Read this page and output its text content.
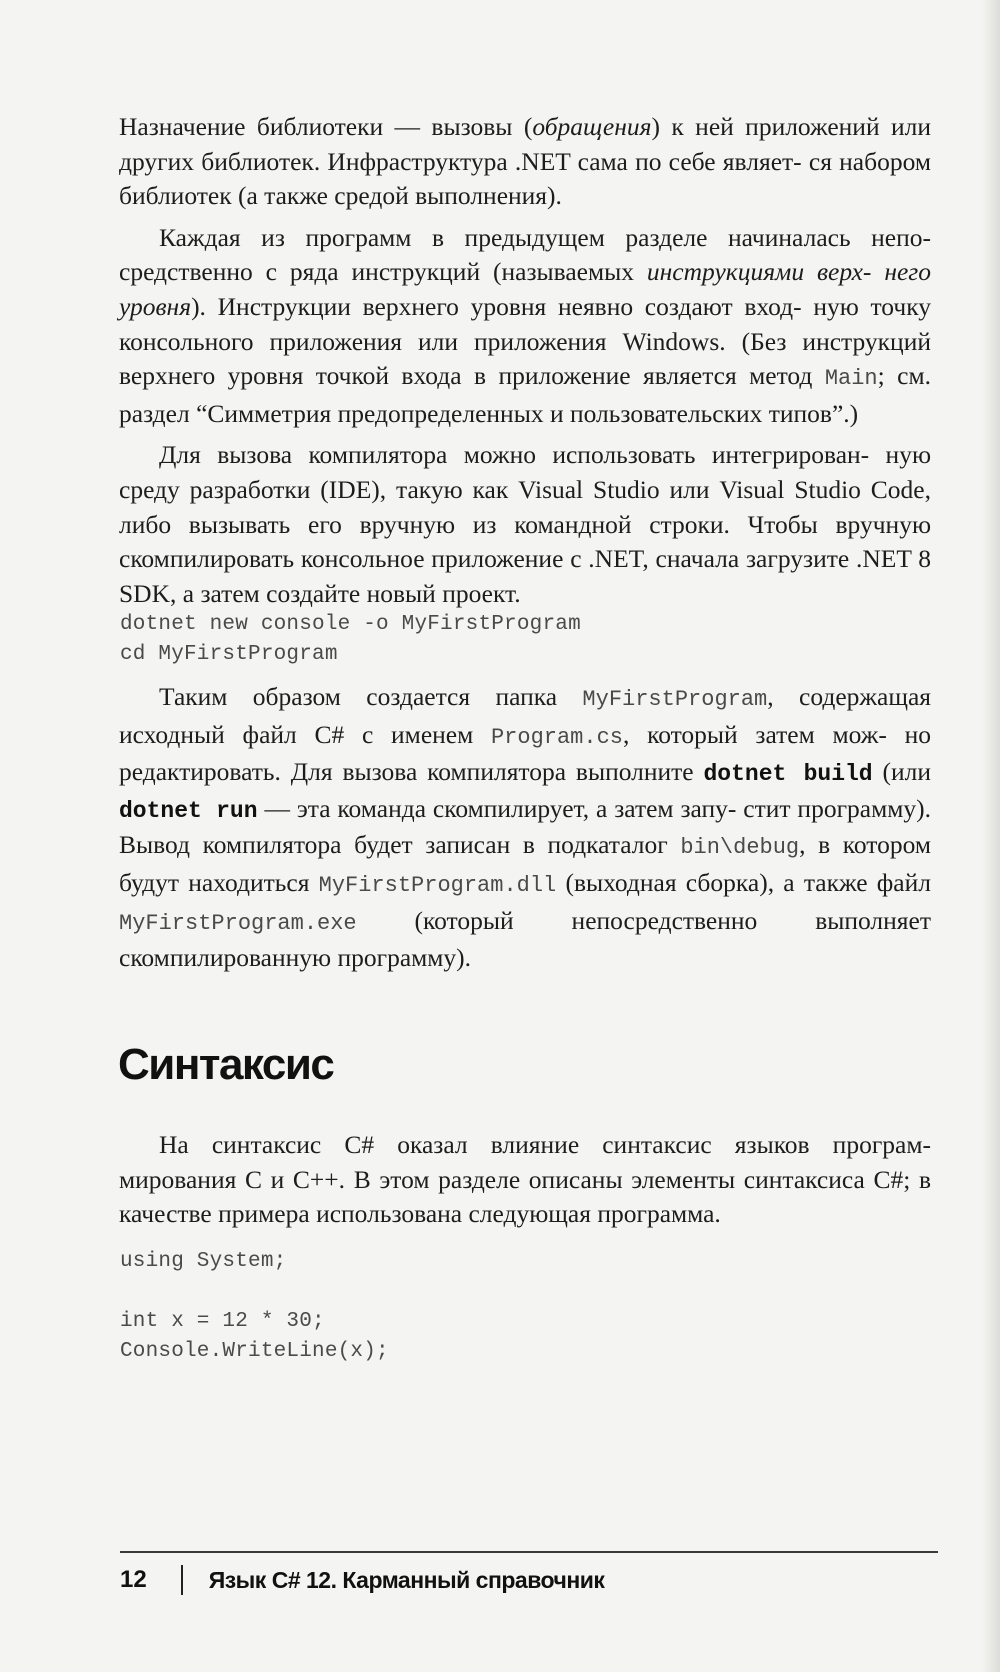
Назначение библиотеки — вызовы (обращения) к ней приложений или других библиотек. Инфраструктура .NET сама по себе являет- ся набором библиотек (а также средой выполнения).

Каждая из программ в предыдущем разделе начиналась непо- средственно с ряда инструкций (называемых инструкциями верх- него уровня). Инструкции верхнего уровня неявно создают вход- ную точку консольного приложения или приложения Windows. (Без инструкций верхнего уровня точкой входа в приложение является метод Main; см. раздел “Симметрия предопределенных и пользовательских типов”.)

Для вызова компилятора можно использовать интегрирован- ную среду разработки (IDE), такую как Visual Studio или Visual Studio Code, либо вызывать его вручную из командной строки. Чтобы вручную скомпилировать консольное приложение с .NET, сначала загрузите .NET 8 SDK, а затем создайте новый проект.

dotnet new console -o MyFirstProgram
cd MyFirstProgram

Таким образом создается папка MyFirstProgram, содержащая исходный файл C# с именем Program.cs, который затем мож- но редактировать. Для вызова компилятора выполните dotnet build (или dotnet run — эта команда скомпилирует, а затем запу- стит программу). Вывод компилятора будет записан в подкаталог bin\debug, в котором будут находиться MyFirstProgram.dll (выходная сборка), а также файл MyFirstProgram.exe (который непосредственно выполняет скомпилированную программу).

Синтаксис

На синтаксис C# оказал влияние синтаксис языков програм- мирования C и C++. В этом разделе описаны элементы синтаксиса C#; в качестве примера использована следующая программа.

using System;

int x = 12 * 30;
Console.WriteLine(x);
12	Язык C# 12. Карманный справочник
